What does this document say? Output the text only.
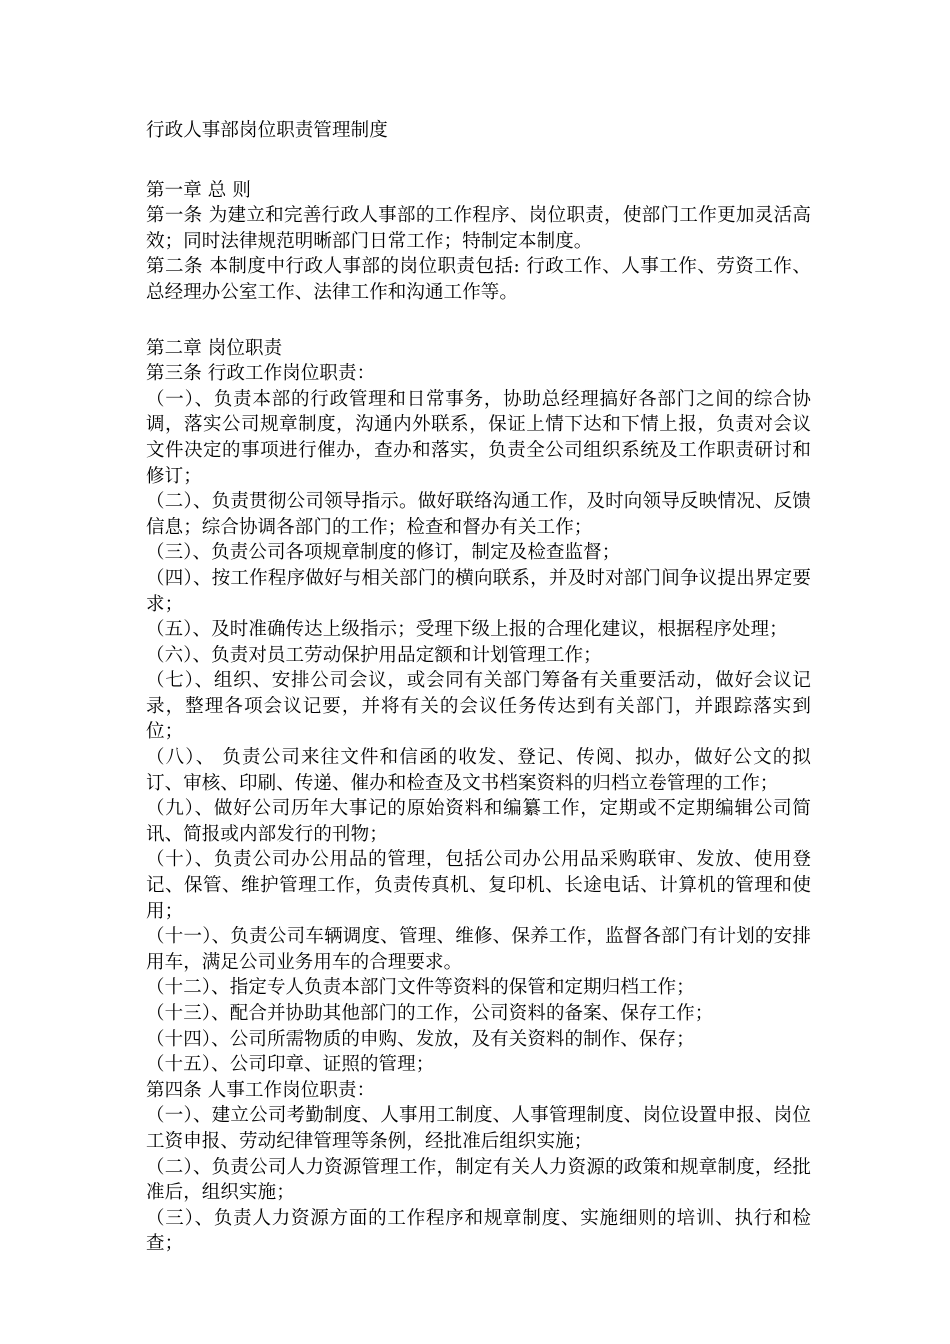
行政人事部岗位职责管理制度

第一章 总 则

第一条 为建立和完善行政人事部的工作程序、岗位职责，使部门工作更加灵活高效；同时法律规范明晰部门日常工作；特制定本制度。

第二条 本制度中行政人事部的岗位职责包括: 行政工作、人事工作、劳资工作、总经理办公室工作、法律工作和沟通工作等。

第二章 岗位职责

第三条 行政工作岗位职责：

（一）、负责本部的行政管理和日常事务，协助总经理搞好各部门之间的综合协调，落实公司规章制度，沟通内外联系，保证上情下达和下情上报，负责对会议文件决定的事项进行催办，查办和落实，负责全公司组织系统及工作职责研讨和修订；

（二）、负责贯彻公司领导指示。做好联络沟通工作，及时向领导反映情况、反馈信息；综合协调各部门的工作；检查和督办有关工作；

（三）、负责公司各项规章制度的修订，制定及检查监督；

（四）、按工作程序做好与相关部门的横向联系，并及时对部门间争议提出界定要求；

（五）、及时准确传达上级指示；受理下级上报的合理化建议，根据程序处理；

（六）、负责对员工劳动保护用品定额和计划管理工作；

（七）、组织、安排公司会议，或会同有关部门筹备有关重要活动，做好会议记录，整理各项会议记要，并将有关的会议任务传达到有关部门，并跟踪落实到位；

（八）、 负责公司来往文件和信函的收发、登记、传阅、拟办，做好公文的拟订、审核、印刷、传递、催办和检查及文书档案资料的归档立卷管理的工作；

（九）、做好公司历年大事记的原始资料和编纂工作，定期或不定期编辑公司简讯、简报或内部发行的刊物；

（十）、负责公司办公用品的管理，包括公司办公用品采购联审、发放、使用登记、保管、维护管理工作，负责传真机、复印机、长途电话、计算机的管理和使用；

（十一）、负责公司车辆调度、管理、维修、保养工作，监督各部门有计划的安排用车，满足公司业务用车的合理要求。

（十二）、指定专人负责本部门文件等资料的保管和定期归档工作；

（十三）、配合并协助其他部门的工作，公司资料的备案、保存工作；

（十四）、公司所需物质的申购、发放，及有关资料的制作、保存；

（十五）、公司印章、证照的管理；

第四条 人事工作岗位职责：

（一）、建立公司考勤制度、人事用工制度、人事管理制度、岗位设置申报、岗位工资申报、劳动纪律管理等条例，经批准后组织实施；

（二）、负责公司人力资源管理工作，制定有关人力资源的政策和规章制度，经批准后，组织实施；

（三）、负责人力资源方面的工作程序和规章制度、实施细则的培训、执行和检查；
